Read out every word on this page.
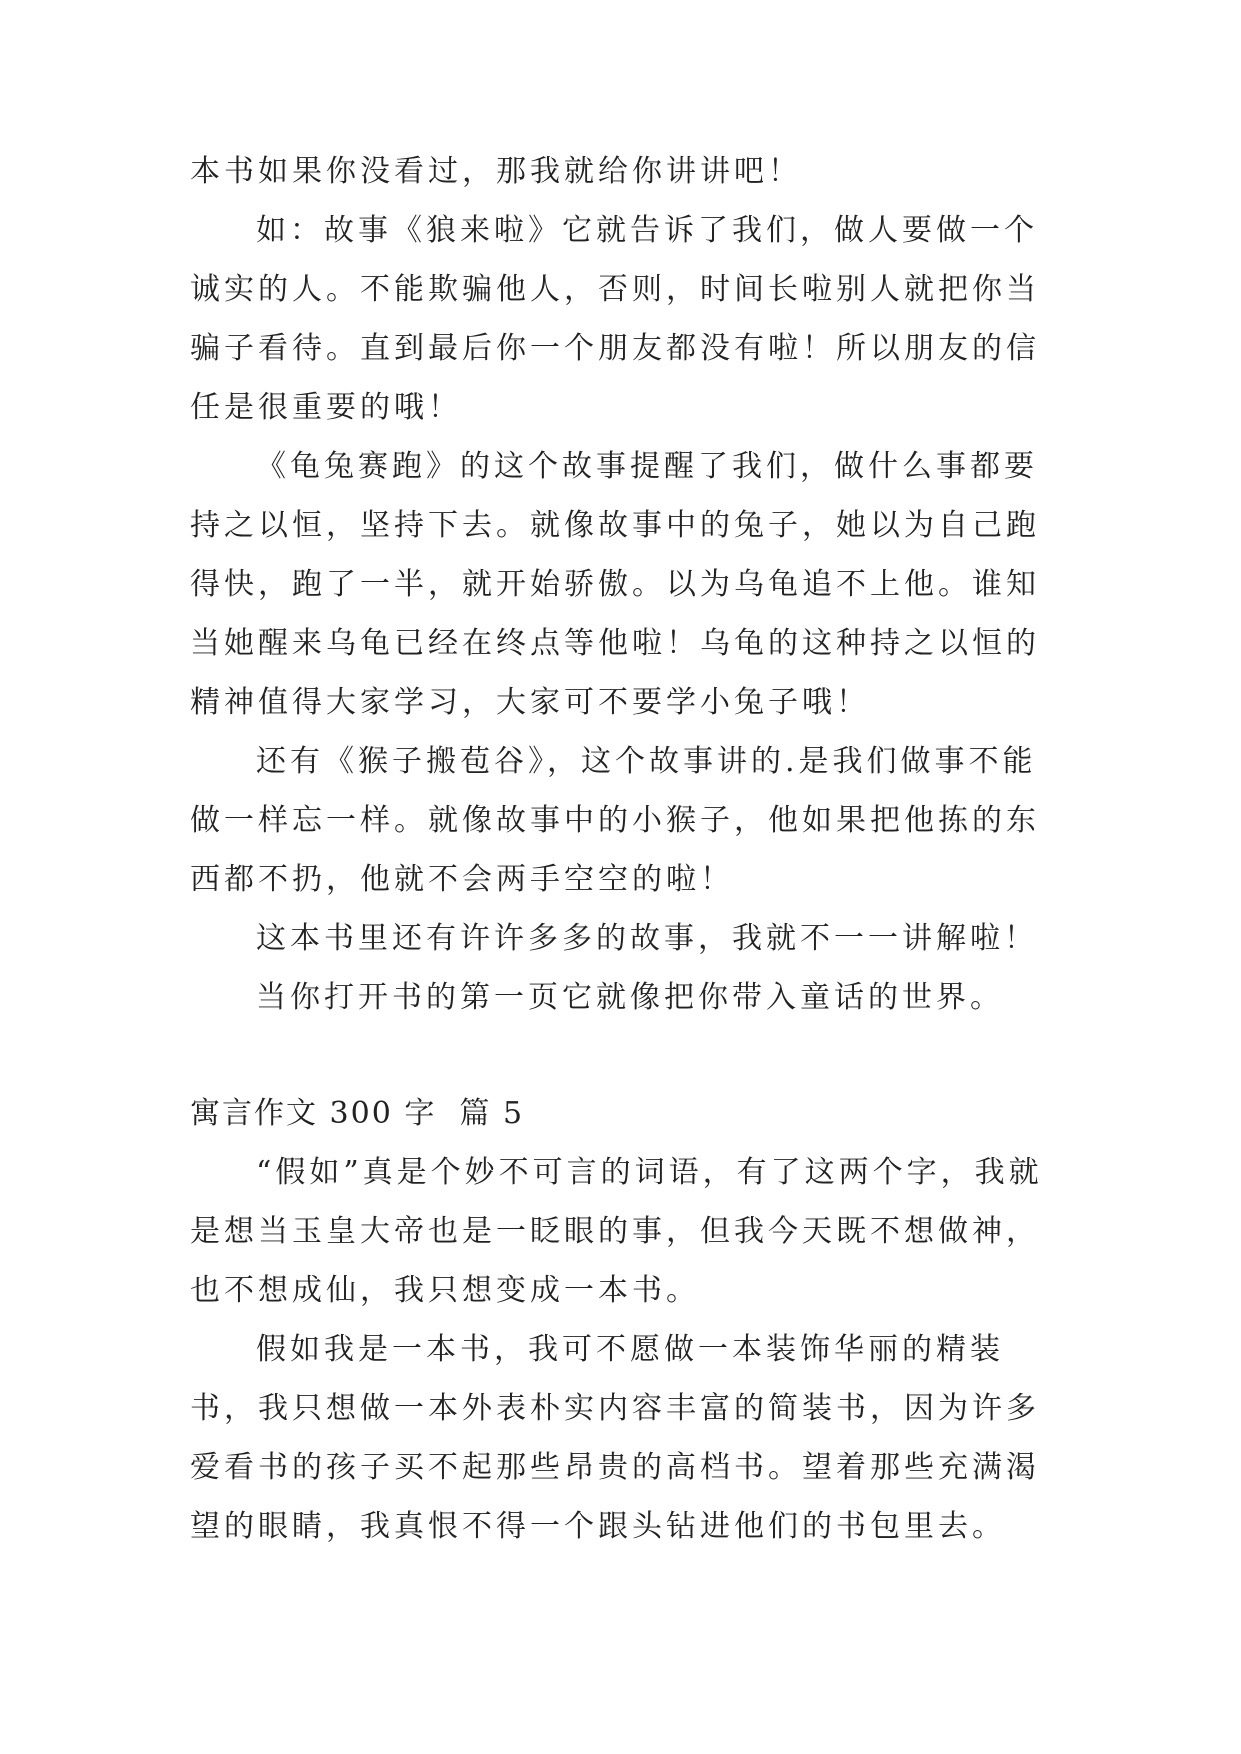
本书如果你没看过，那我就给你讲讲吧！

如：故事《狼来啦》它就告诉了我们，做人要做一个诚实的人。不能欺骗他人，否则，时间长啦别人就把你当骗子看待。直到最后你一个朋友都没有啦！所以朋友的信任是很重要的哦！

《龟兔赛跑》的这个故事提醒了我们，做什么事都要持之以恒，坚持下去。就像故事中的兔子，她以为自己跑得快，跑了一半，就开始骄傲。以为乌龟追不上他。谁知当她醒来乌龟已经在终点等他啦！乌龟的这种持之以恒的精神值得大家学习，大家可不要学小兔子哦！

还有《猴子搬苞谷》，这个故事讲的.是我们做事不能做一样忘一样。就像故事中的小猴子，他如果把他拣的东西都不扔，他就不会两手空空的啦！

这本书里还有许许多多的故事，我就不一一讲解啦！

当你打开书的第一页它就像把你带入童话的世界。

寓言作文 300 字  篇 5

“假如”真是个妙不可言的词语，有了这两个字，我就是想当玉皇大帝也是一眨眼的事，但我今天既不想做神，也不想成仙，我只想变成一本书。

假如我是一本书，我可不愿做一本装饰华丽的精装书，我只想做一本外表朴实内容丰富的简装书，因为许多爱看书的孩子买不起那些昂贵的高档书。望着那些充满渴望的眼睛，我真恨不得一个跟头钻进他们的书包里去。
